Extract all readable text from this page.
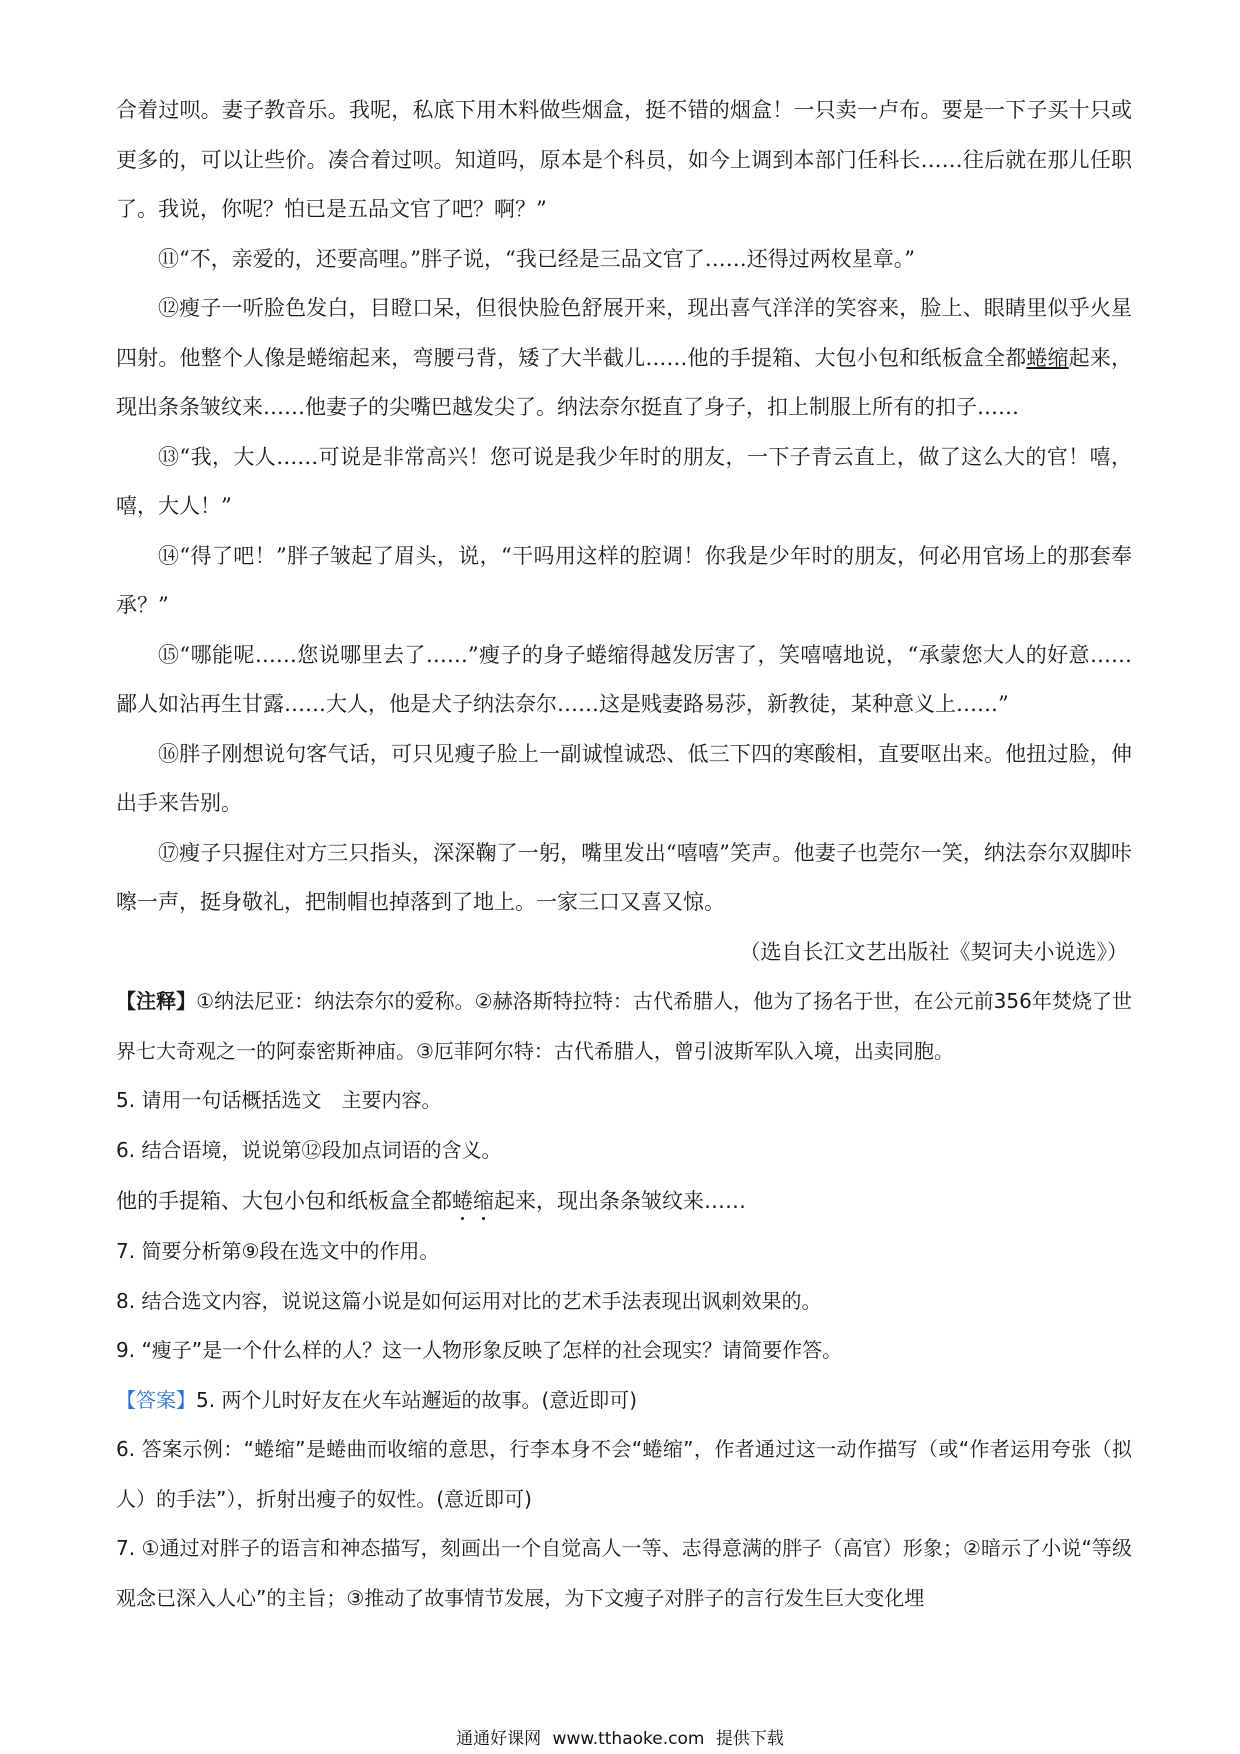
合着过呗。妻子教音乐。我呢，私底下用木料做些烟盒，挺不错的烟盒！一只卖一卢布。要是一下子买十只或更多的，可以让些价。凑合着过呗。知道吗，原本是个科员，如今上调到本部门任科长……往后就在那儿任职了。我说，你呢？怕已是五品文官了吧？啊？”

⑪“不，亲爱的，还要高哩。”胖子说，“我已经是三品文官了……还得过两枚星章。”

⑫瘦子一听脸色发白，目瞪口呆，但很快脸色舒展开来，现出喜气洋洋的笑容来，脸上、眼睛里似乎火星四射。他整个人像是蜷缩起来，弯腰弓背，矮了大半截儿……他的手提箱、大包小包和纸板盒全都蜷缩起来，现出条条皱纹来……他妻子的尖嘴巴越发尖了。纳法奈尔挺直了身子，扣上制服上所有的扣子……

⑬“我，大人……可说是非常高兴！您可说是我少年时的朋友，一下子青云直上，做了这么大的官！嘻，嘻，大人！”

⑭“得了吧！”胖子皱起了眉头，说，“干吗用这样的腔调！你我是少年时的朋友，何必用官场上的那套奉承？”

⑮“哪能呢……您说哪里去了……”瘦子的身子蜷缩得越发厉害了，笑嘻嘻地说，“承蒙您大人的好意……鄙人如沾再生甘露……大人，他是犬子纳法奈尔……这是贱妻路易莎，新教徒，某种意义上……”

⑯胖子刚想说句客气话，可只见瘦子脸上一副诚惶诚恐、低三下四的寒酸相，直要呕出来。他扭过脸，伸出手来告别。

⑰瘦子只握住对方三只指头，深深鞠了一躬，嘴里发出“嘻嘻”笑声。他妻子也莞尔一笑，纳法奈尔双脚咔嚓一声，挺身敬礼，把制帽也掉落到了地上。一家三口又喜又惊。

（选自长江文艺出版社《契诃夫小说选》）

【注释】①纳法尼亚：纳法奈尔的爱称。②赫洛斯特拉特：古代希腊人，他为了扬名于世，在公元前356年焚烧了世界七大奇观之一的阿泰密斯神庙。③厄菲阿尔特：古代希腊人，曾引波斯军队入境，出卖同胞。

5. 请用一句话概括选文　主要内容。

6. 结合语境，说说第⑫段加点词语的含义。

他的手提箱、大包小包和纸板盒全都蜷缩起来，现出条条皱纹来……

7. 简要分析第⑨段在选文中的作用。

8. 结合选文内容，说说这篇小说是如何运用对比的艺术手法表现出讽刺效果的。

9. “瘦子”是一个什么样的人？这一人物形象反映了怎样的社会现实？请简要作答。

【答案】5. 两个儿时好友在火车站邂逅的故事。(意近即可)

6. 答案示例：“蜷缩”是蜷曲而收缩的意思，行李本身不会“蜷缩”，作者通过这一动作描写（或“作者运用夸张（拟人）的手法”），折射出瘦子的奴性。(意近即可)

7. ①通过对胖子的语言和神态描写，刻画出一个自觉高人一等、志得意满的胖子（高官）形象；②暗示了小说“等级观念已深入人心”的主旨；③推动了故事情节发展，为下文瘦子对胖子的言行发生巨大变化埋

通通好课网 www.tthaoke.com 提供下载
